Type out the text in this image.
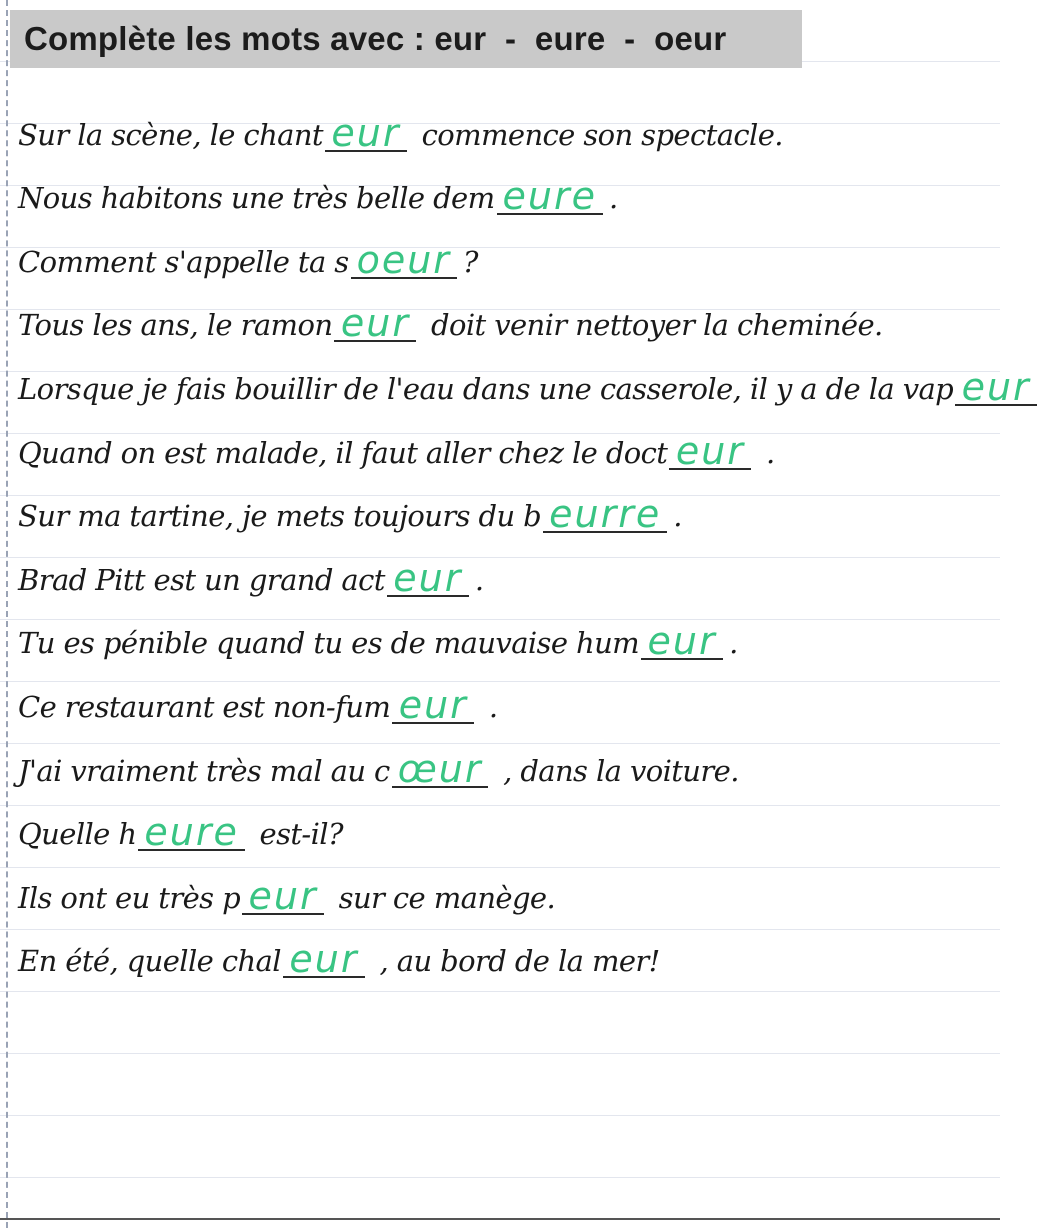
Complète les mots avec : eur  -  eure  -  oeur
Sur la scène, le chant eur commence son spectacle.
Nous habitons une très belle dem eure .
Comment s'appelle ta s oeur ?
Tous les ans, le ramon eur doit venir nettoyer la cheminée.
Lorsque je fais bouillir de l'eau dans une casserole, il y a de la vap eur
Quand on est malade, il faut aller chez le doct eur .
Sur ma tartine, je mets toujours du b eurre .
Brad Pitt est un grand act eur .
Tu es pénible quand tu es de mauvaise hum eur .
Ce restaurant est non-fum eur .
J'ai vraiment très mal au c œur , dans la voiture.
Quelle h eure est-il?
Ils ont eu très p eur sur ce manège.
En été, quelle chal eur , au bord de la mer!
